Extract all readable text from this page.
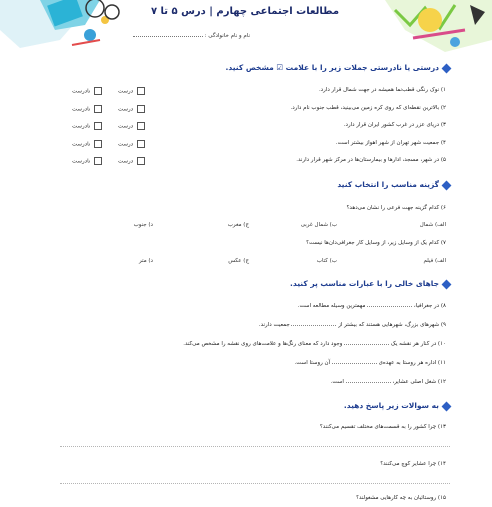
مطالعات اجتماعی چهارم | درس ۵ تا ۷
نام و نام خانوادگی :
درستی یا نادرستی جملات زیر را با علامت ☑ مشخص کنید.
۱) نوک رنگی قطب‌نما همیشه در جهت شمال قرار دارد.
درست
نادرست
۲) بالاترین نقطه‌ای که روی کره زمین می‌بینید، قطب جنوب نام دارد.
درست
نادرست
۳) دریای عزر در غرب کشور ایران قرار دارد.
درست
نادرست
۴) جمعیت شهر تهران از شهر اهواز بیشتر است.
درست
نادرست
۵) در شهر، مسجد، ادارها و بیمارستان‌ها در مرکز شهر قرار دارند.
درست
نادرست
گزینه مناسب را انتخاب کنید
۶) کدام گزینه جهت فرعی را نشان می‌دهد؟
الف) شمال
ب) شمال غربی
ج) مغرب
د) جنوب
۷) کدام یک از وسایل زیر، از وسایل کار جغرافی‌دان‌ها نیست؟
الف) فیلم
ب) کتاب
ج) عکس
د) متر
جاهای خالی را با عبارات مناسب پر کنید.
۸) در جغرافیا،  مهمترین وسیله مطالعه است.
۹) شهرهای بزرگ، شهرهایی هستند که بیشتر از  جمعیت دارند.
۱۰) در کنار هر نقشه یک  وجود دارد که معنای رنگ‌ها و علامت‌های روی نقشه را مشخص می‌کند.
۱۱) اداره هر روستا به عهده‌ی  آن روستا است.
۱۲) شغل اصلی عشایر،  است.
به سوالات زیر پاسخ دهید.
۱۳) چرا کشور را به قسمت‌های مختلف تقسیم می‌کنند؟
۱۴) چرا عشایر کوچ می‌کنند؟
۱۵) روستائیان به چه کارهایی مشغولند؟
